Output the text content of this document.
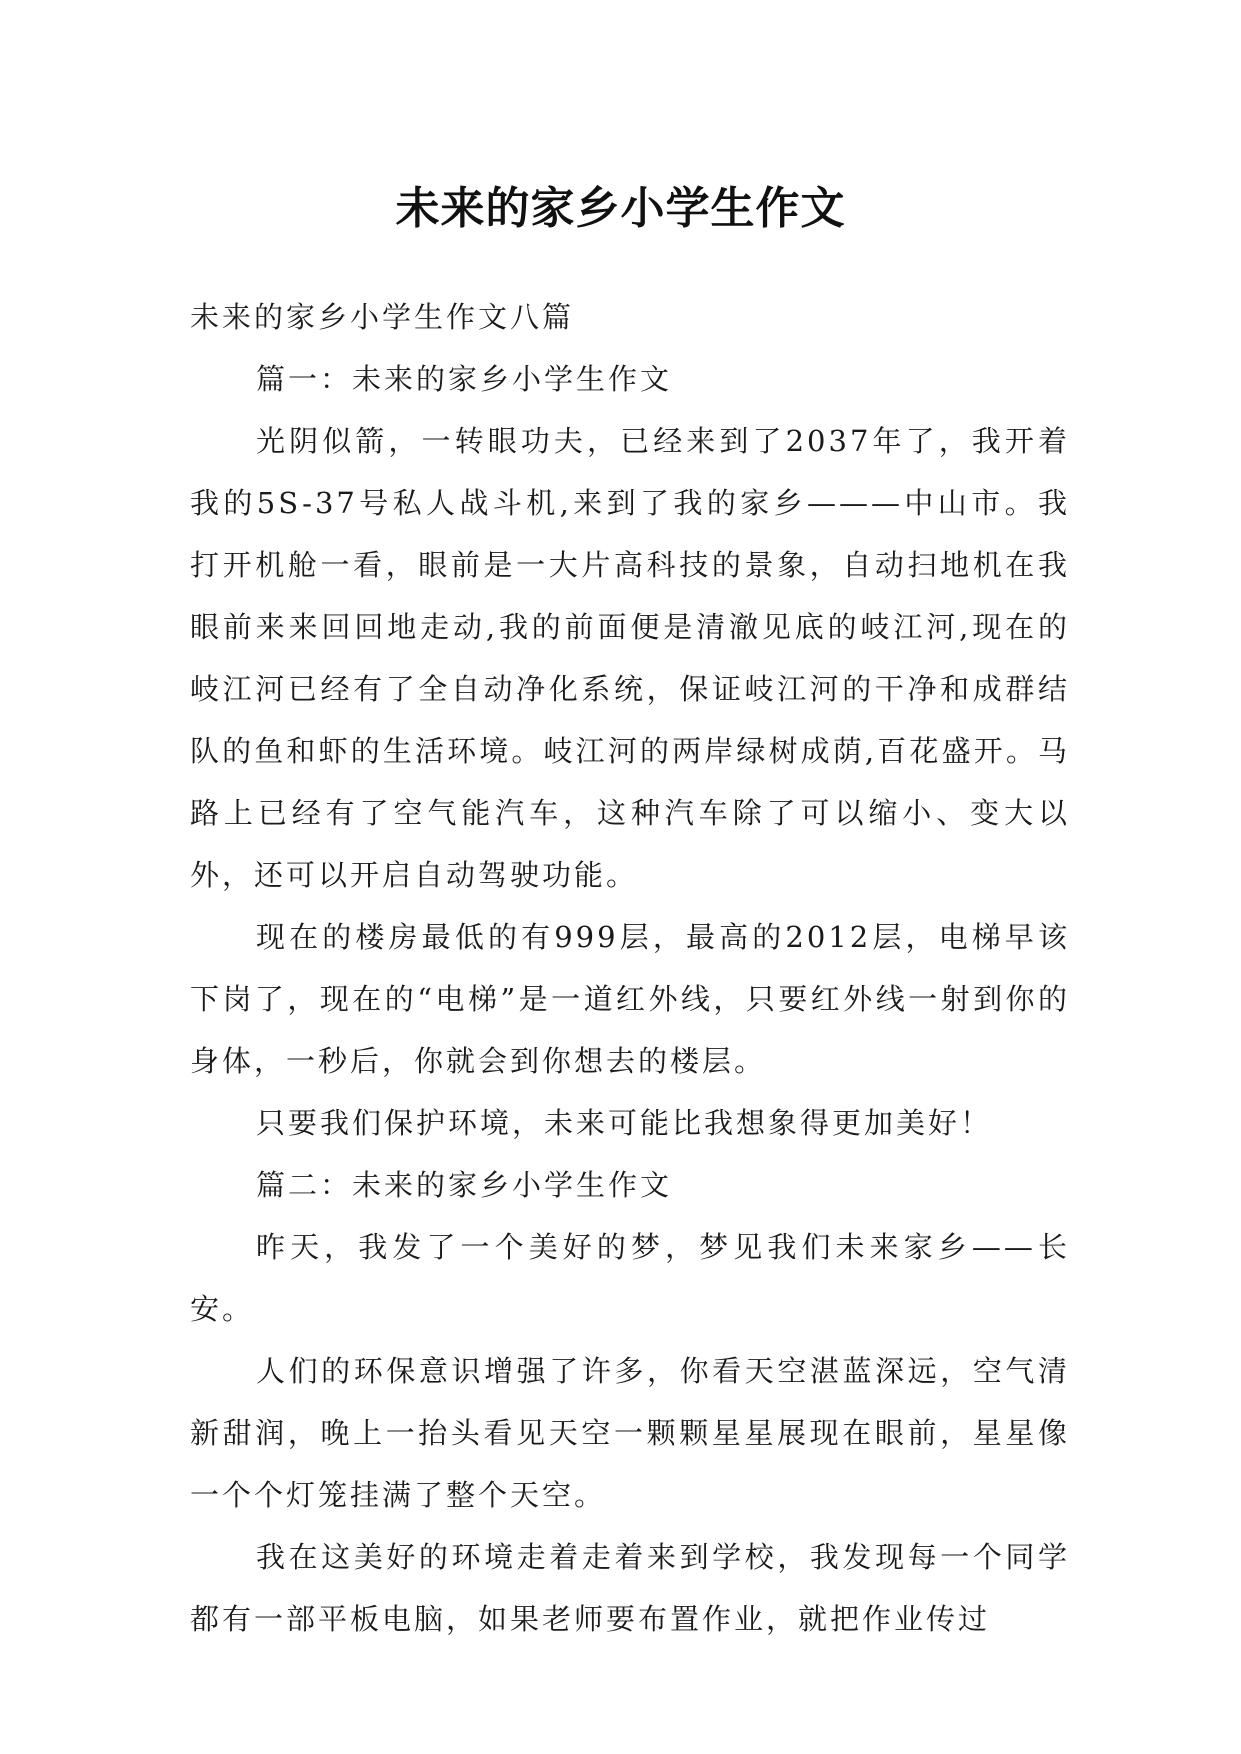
未来的家乡小学生作文

未来的家乡小学生作文八篇

篇一：未来的家乡小学生作文

光阴似箭，一转眼功夫，已经来到了2037年了，我开着我的5S-37号私人战斗机,来到了我的家乡———中山市。我打开机舱一看，眼前是一大片高科技的景象，自动扫地机在我眼前来来回回地走动,我的前面便是清澈见底的岐江河,现在的岐江河已经有了全自动净化系统，保证岐江河的干净和成群结队的鱼和虾的生活环境。岐江河的两岸绿树成荫,百花盛开。马路上已经有了空气能汽车，这种汽车除了可以缩小、变大以外，还可以开启自动驾驶功能。

现在的楼房最低的有999层，最高的2012层，电梯早该下岗了，现在的“电梯”是一道红外线，只要红外线一射到你的身体，一秒后，你就会到你想去的楼层。

只要我们保护环境，未来可能比我想象得更加美好！

篇二：未来的家乡小学生作文

昨天，我发了一个美好的梦，梦见我们未来家乡——长安。

人们的环保意识增强了许多，你看天空湛蓝深远，空气清新甜润，晚上一抬头看见天空一颗颗星星展现在眼前，星星像一个个灯笼挂满了整个天空。

我在这美好的环境走着走着来到学校，我发现每一个同学都有一部平板电脑，如果老师要布置作业，就把作业传过
